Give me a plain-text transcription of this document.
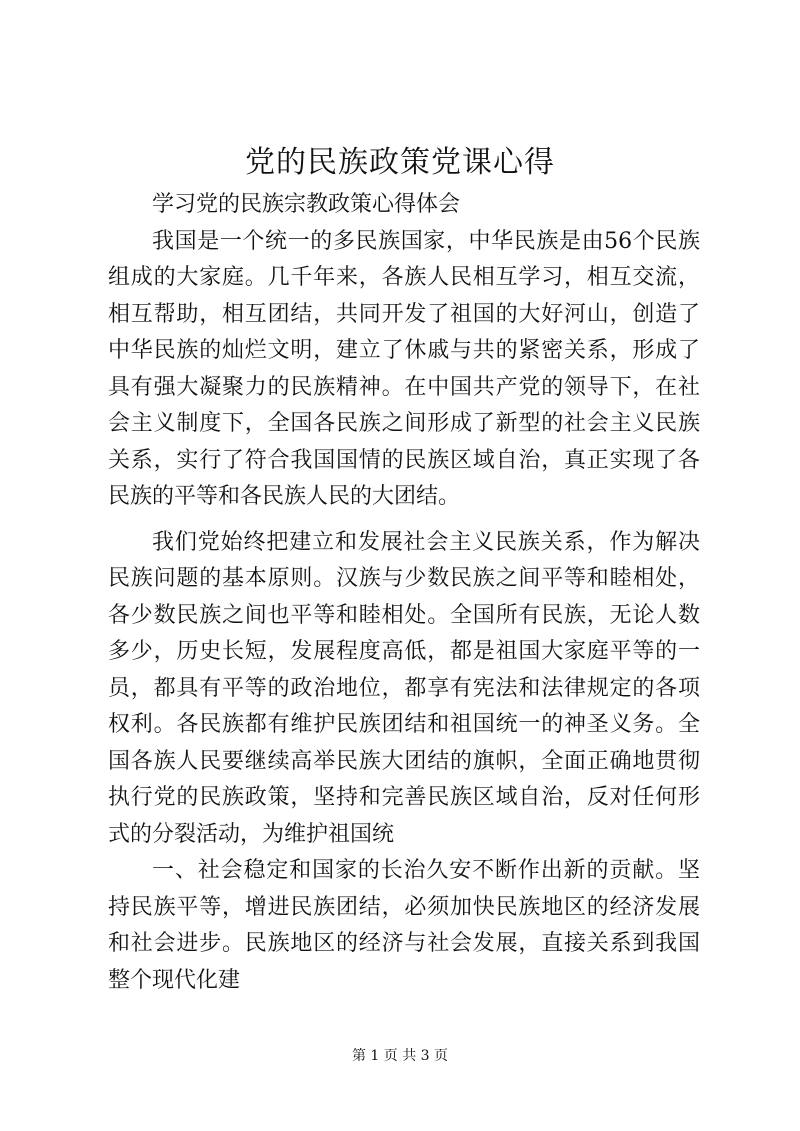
党的民族政策党课心得

学习党的民族宗教政策心得体会

我国是一个统一的多民族国家，中华民族是由56个民族组成的大家庭。几千年来，各族人民相互学习，相互交流，相互帮助，相互团结，共同开发了祖国的大好河山，创造了中华民族的灿烂文明，建立了休戚与共的紧密关系，形成了具有强大凝聚力的民族精神。在中国共产党的领导下，在社会主义制度下，全国各民族之间形成了新型的社会主义民族关系，实行了符合我国国情的民族区域自治，真正实现了各民族的平等和各民族人民的大团结。

我们党始终把建立和发展社会主义民族关系，作为解决民族问题的基本原则。汉族与少数民族之间平等和睦相处，各少数民族之间也平等和睦相处。全国所有民族，无论人数多少，历史长短，发展程度高低，都是祖国大家庭平等的一员，都具有平等的政治地位，都享有宪法和法律规定的各项权利。各民族都有维护民族团结和祖国统一的神圣义务。全国各族人民要继续高举民族大团结的旗帜，全面正确地贯彻执行党的民族政策，坚持和完善民族区域自治，反对任何形式的分裂活动，为维护祖国统

一、社会稳定和国家的长治久安不断作出新的贡献。坚持民族平等，增进民族团结，必须加快民族地区的经济发展和社会进步。民族地区的经济与社会发展，直接关系到我国整个现代化建

第 1 页 共 3 页
